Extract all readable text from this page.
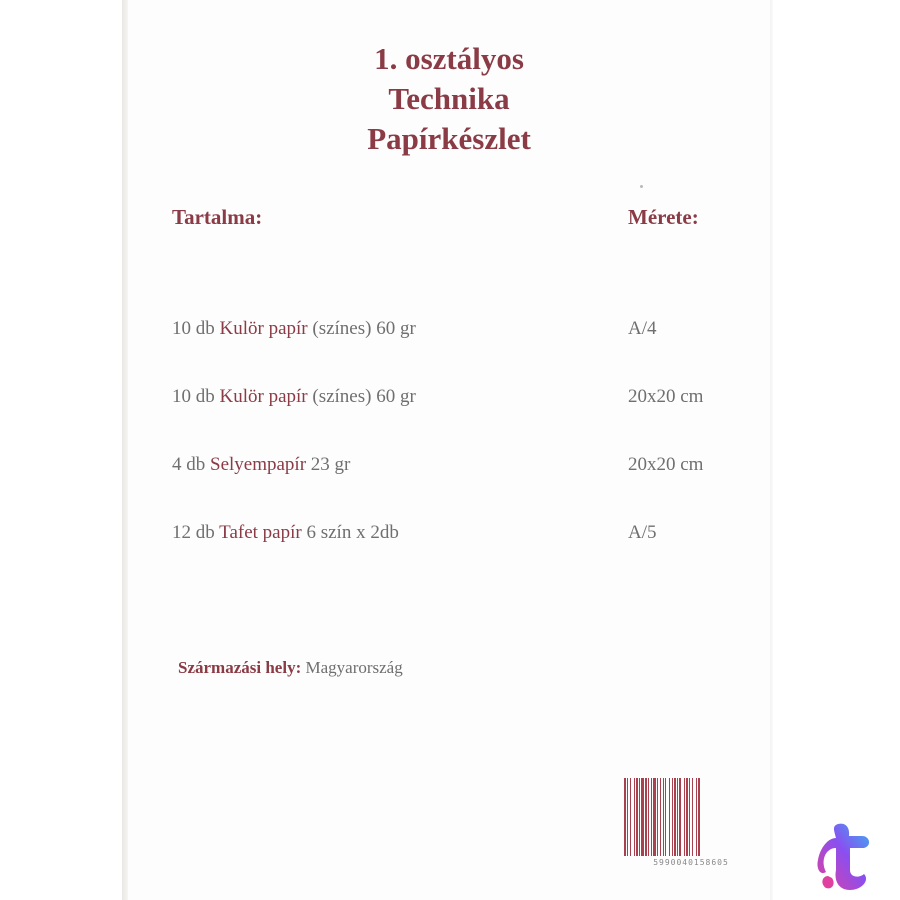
1. osztályos
Technika
Papírkészlet
Tartalma:	Mérete:
10 db Kulör papír (színes) 60 gr	A/4
10 db Kulör papír (színes) 60 gr	20x20 cm
4 db Selyempapír 23 gr	20x20 cm
12 db Tafet papír 6 szín x 2db	A/5
Származási hely: Magyarország
5990040158605
